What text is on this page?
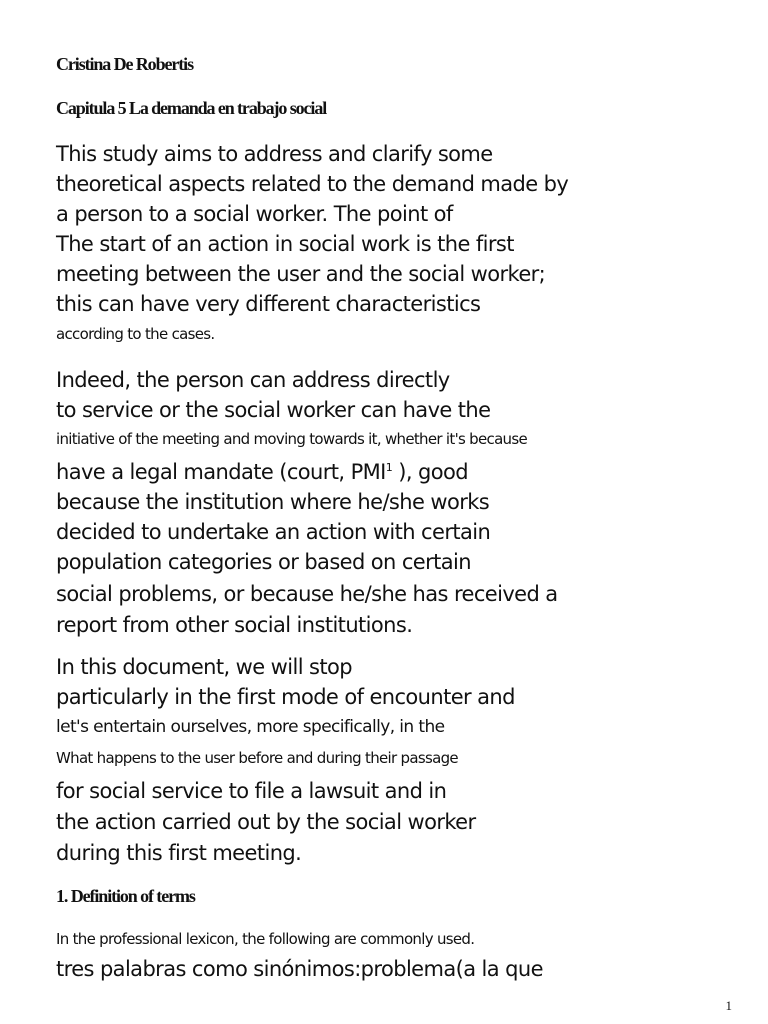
Cristina De Robertis
Capitula 5 La demanda en trabajo social
This study aims to address and clarify some
theoretical aspects related to the demand made by
a person to a social worker. The point of
The start of an action in social work is the first
meeting between the user and the social worker;
this can have very different characteristics
according to the cases.
Indeed, the person can address directly
to service or the social worker can have the
initiative of the meeting and moving towards it, whether it's because
have a legal mandate (court, PMI$^1$ ), good
because the institution where he/she works
decided to undertake an action with certain
population categories or based on certain
social problems, or because he/she has received a
report from other social institutions.
In this document, we will stop
particularly in the first mode of encounter and
let's entertain ourselves, more specifically, in the
What happens to the user before and during their passage
for social service to file a lawsuit and in
the action carried out by the social worker
during this first meeting.
1. Definition of terms
In the professional lexicon, the following are commonly used.
tres palabras como sinónimos:problema(a la que
1
